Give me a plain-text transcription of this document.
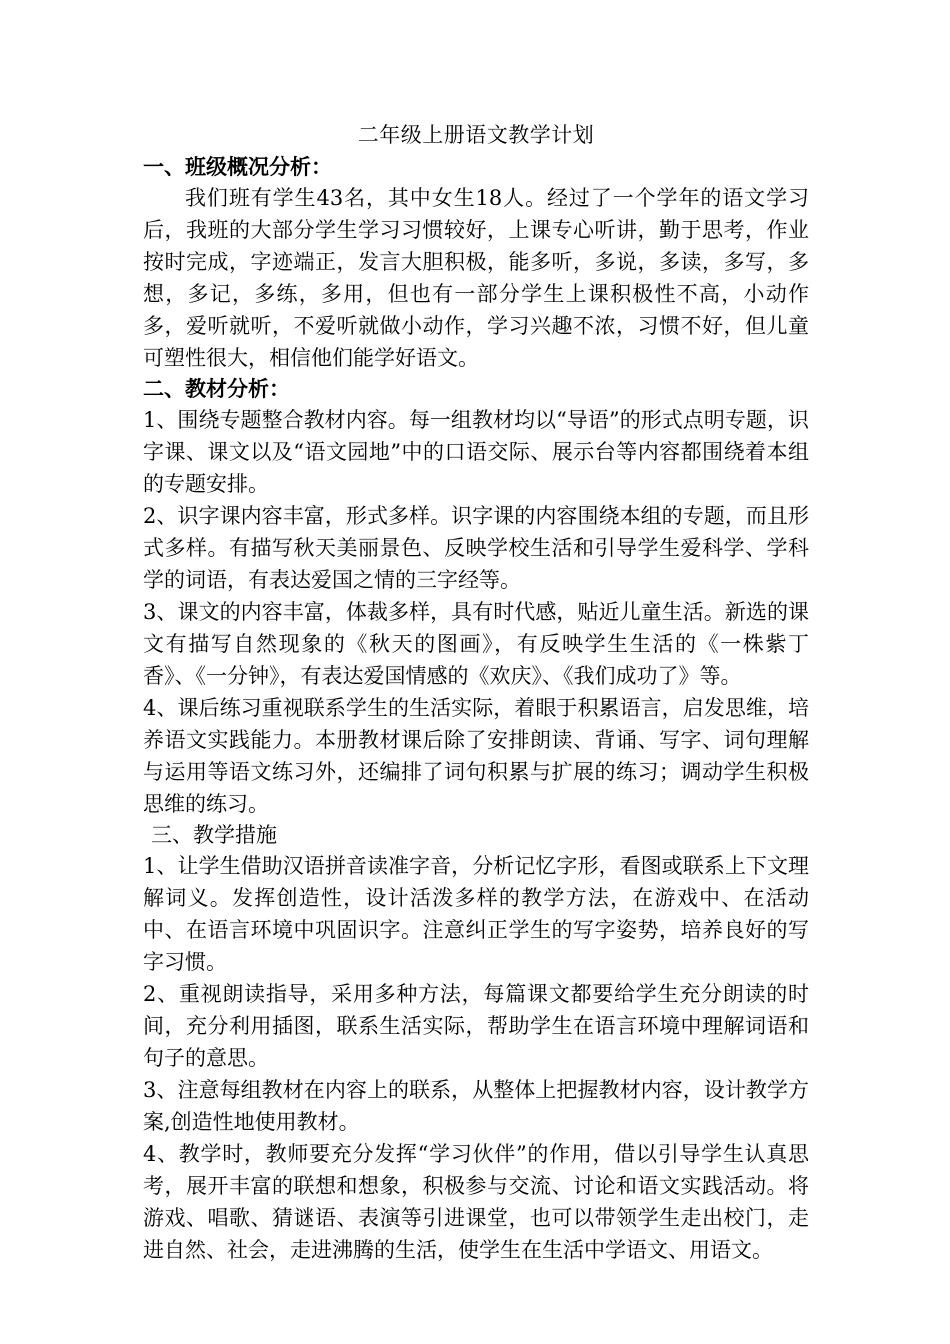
二年级上册语文教学计划

一、班级概况分析：

我们班有学生43名，其中女生18人。经过了一个学年的语文学习后，我班的大部分学生学习习惯较好，上课专心听讲，勤于思考，作业按时完成，字迹端正，发言大胆积极，能多听，多说，多读，多写，多想，多记，多练，多用，但也有一部分学生上课积极性不高，小动作多，爱听就听，不爱听就做小动作，学习兴趣不浓，习惯不好，但儿童可塑性很大，相信他们能学好语文。

二、教材分析：

1、围绕专题整合教材内容。每一组教材均以“导语”的形式点明专题，识字课、课文以及“语文园地”中的口语交际、展示台等内容都围绕着本组的专题安排。

2、识字课内容丰富，形式多样。识字课的内容围绕本组的专题，而且形式多样。有描写秋天美丽景色、反映学校生活和引导学生爱科学、学科学的词语，有表达爱国之情的三字经等。

3、课文的内容丰富，体裁多样，具有时代感，贴近儿童生活。新选的课文有描写自然现象的《秋天的图画》，有反映学生生活的《一株紫丁香》、《一分钟》，有表达爱国情感的《欢庆》、《我们成功了》等。

4、课后练习重视联系学生的生活实际，着眼于积累语言，启发思维，培养语文实践能力。本册教材课后除了安排朗读、背诵、写字、词句理解与运用等语文练习外，还编排了词句积累与扩展的练习；调动学生积极思维的练习。

三、教学措施

1、让学生借助汉语拼音读准字音，分析记忆字形，看图或联系上下文理解词义。发挥创造性，设计活泼多样的教学方法，在游戏中、在活动中、在语言环境中巩固识字。注意纠正学生的写字姿势，培养良好的写字习惯。

2、重视朗读指导，采用多种方法，每篇课文都要给学生充分朗读的时间，充分利用插图，联系生活实际，帮助学生在语言环境中理解词语和句子的意思。

3、注意每组教材在内容上的联系，从整体上把握教材内容，设计教学方案,创造性地使用教材。

4、教学时，教师要充分发挥“学习伙伴”的作用，借以引导学生认真思考，展开丰富的联想和想象，积极参与交流、讨论和语文实践活动。将游戏、唱歌、猜谜语、表演等引进课堂，也可以带领学生走出校门，走进自然、社会，走进沸腾的生活，使学生在生活中学语文、用语文。
